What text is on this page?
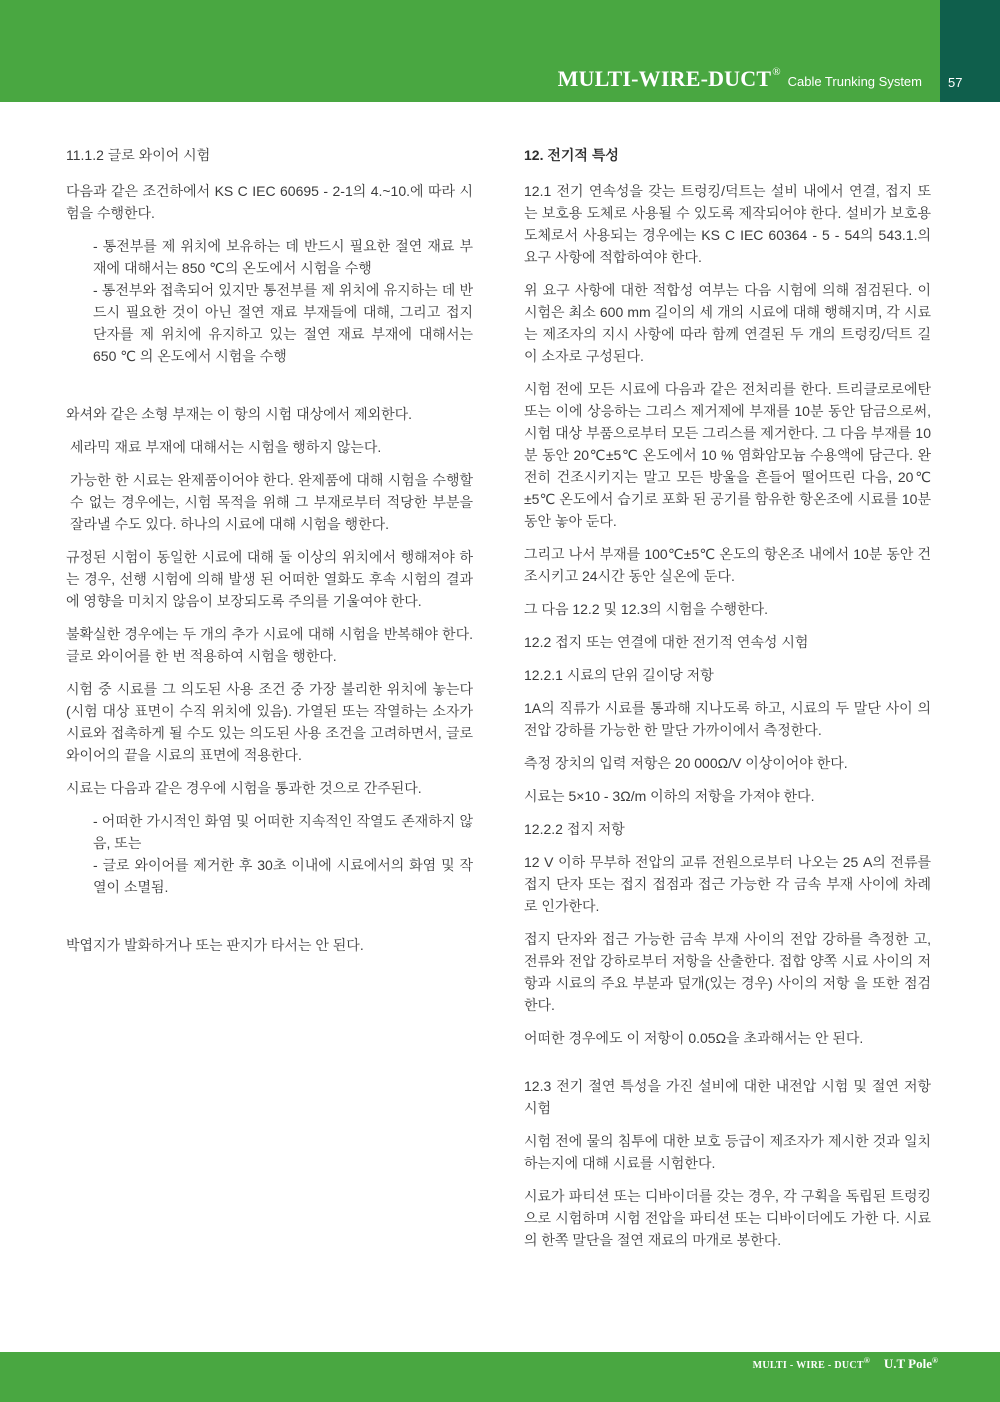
MULTI-WIRE-DUCT®Cable Trunking System	57

11.1.2 글로 와이어 시험

다음과 같은 조건하에서 KS C IEC 60695 - 2-1의 4.~10.에 따라 시험을 수행한다.

- 통전부를 제 위치에 보유하는 데 반드시 필요한 절연 재료 부재에 대해서는 850 ℃의 온도에서 시험을 수행

- 통전부와 접촉되어 있지만 통전부를 제 위치에 유지하는 데 반드시 필요한 것이 아닌 절연 재료 부재들에 대해, 그리고 접지 단자를 제 위치에 유지하고 있는 절연 재료 부재에 대해서는 650 ℃ 의 온도에서 시험을 수행

와셔와 같은 소형 부재는 이 항의 시험 대상에서 제외한다.

세라믹 재료 부재에 대해서는 시험을 행하지 않는다.

가능한 한 시료는 완제품이어야 한다. 완제품에 대해 시험을 수행할 수 없는 경우에는, 시험 목적을 위해 그 부재로부터 적당한 부분을 잘라낼 수도 있다. 하나의 시료에 대해 시험을 행한다.

규정된 시험이 동일한 시료에 대해 둘 이상의 위치에서 행해져야 하는 경우, 선행 시험에 의해 발생 된 어떠한 열화도 후속 시험의 결과에 영향을 미치지 않음이 보장되도록 주의를 기울여야 한다.

불확실한 경우에는 두 개의 추가 시료에 대해 시험을 반복해야 한다. 글로 와이어를 한 번 적용하여 시험을 행한다.

시험 중 시료를 그 의도된 사용 조건 중 가장 불리한 위치에 놓는다(시험 대상 표면이 수직 위치에 있음). 가열된 또는 작열하는 소자가 시료와 접촉하게 될 수도 있는 의도된 사용 조건을 고려하면서, 글로 와이어의 끝을 시료의 표면에 적용한다.

시료는 다음과 같은 경우에 시험을 통과한 것으로 간주된다.

- 어떠한 가시적인 화염 및 어떠한 지속적인 작열도 존재하지 않음, 또는

- 글로 와이어를 제거한 후 30초 이내에 시료에서의 화염 및 작열이 소멸됨.

박엽지가 발화하거나 또는 판지가 타서는 안 된다.

12. 전기적 특성

12.1 전기 연속성을 갖는 트렁킹/덕트는 설비 내에서 연결, 접지 또는 보호용 도체로 사용될 수 있도록 제작되어야 한다. 설비가 보호용 도체로서 사용되는 경우에는 KS C IEC 60364 - 5 - 54의 543.1.의 요구 사항에 적합하여야 한다.

위 요구 사항에 대한 적합성 여부는 다음 시험에 의해 점검된다. 이 시험은 최소 600 mm 길이의 세 개의 시료에 대해 행해지며, 각 시료는 제조자의 지시 사항에 따라 함께 연결된 두 개의 트렁킹/덕트 길이 소자로 구성된다.

시험 전에 모든 시료에 다음과 같은 전처리를 한다. 트리클로로에탄 또는 이에 상응하는 그리스 제거제에 부재를 10분 동안 담금으로써, 시험 대상 부품으로부터 모든 그리스를 제거한다. 그 다음 부재를 10분 동안 20℃±5℃ 온도에서 10 % 염화암모늄 수용액에 담근다. 완전히 건조시키지는 말고 모든 방울을 흔들어 떨어뜨린 다음, 20℃±5℃ 온도에서 습기로 포화 된 공기를 함유한 항온조에 시료를 10분 동안 놓아 둔다.

그리고 나서 부재를 100℃±5℃ 온도의 항온조 내에서 10분 동안 건조시키고 24시간 동안 실온에 둔다.

그 다음 12.2 및 12.3의 시험을 수행한다.

12.2 접지 또는 연결에 대한 전기적 연속성 시험

12.2.1 시료의 단위 길이당 저항

1A의 직류가 시료를 통과해 지나도록 하고, 시료의 두 말단 사이 의 전압 강하를 가능한 한 말단 가까이에서 측정한다.

측정 장치의 입력 저항은 20 000Ω/V 이상이어야 한다.

시료는 5×10 - 3Ω/m 이하의 저항을 가져야 한다.

12.2.2 접지 저항

12 V 이하 무부하 전압의 교류 전원으로부터 나오는 25 A의 전류를 접지 단자 또는 접지 접점과 접근 가능한 각 금속 부재 사이에 차례로 인가한다.

접지 단자와 접근 가능한 금속 부재 사이의 전압 강하를 측정한 고, 전류와 전압 강하로부터 저항을 산출한다. 접합 양쪽 시료 사이의 저항과 시료의 주요 부분과 덮개(있는 경우) 사이의 저항 을 또한 점검한다.

어떠한 경우에도 이 저항이 0.05Ω을 초과해서는 안 된다.

12.3 전기 절연 특성을 가진 설비에 대한 내전압 시험 및 절연 저항 시험

시험 전에 물의 침투에 대한 보호 등급이 제조자가 제시한 것과 일치하는지에 대해 시료를 시험한다.

시료가 파티션 또는 디바이더를 갖는 경우, 각 구획을 독립된 트렁킹으로 시험하며 시험 전압을 파티션 또는 디바이더에도 가한 다. 시료의 한쪽 말단을 절연 재료의 마개로 봉한다.

MULTI - WIRE - DUCT® U.T Pole®
